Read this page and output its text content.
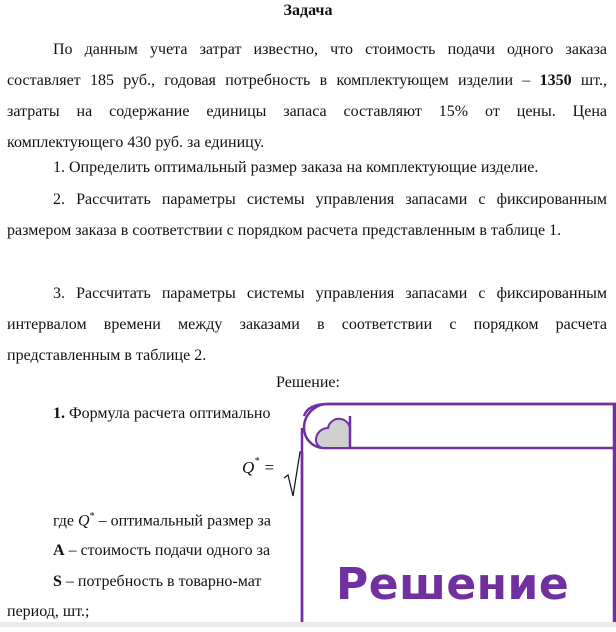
Задача
По данным учета затрат известно, что стоимость подачи одного заказа составляет 185 руб., годовая потребность в комплектующем изделии – 1350 шт., затраты на содержание единицы запаса составляют 15% от цены. Цена комплектующего 430 руб. за единицу.
1. Определить оптимальный размер заказа на комплектующие изделие.
2. Рассчитать параметры системы управления запасами с фиксированным размером заказа в соответствии с порядком расчета представленным в таблице 1.
3. Рассчитать параметры системы управления запасами с фиксированным интервалом времени между заказами в соответствии с порядком расчета представленным в таблице 2.
Решение:
1. Формула расчета оптимально
Q* =
где Q* – оптимальный размер за
A – стоимость подачи одного за
S – потребность в товарно-мат
период, шт.;
Решение
